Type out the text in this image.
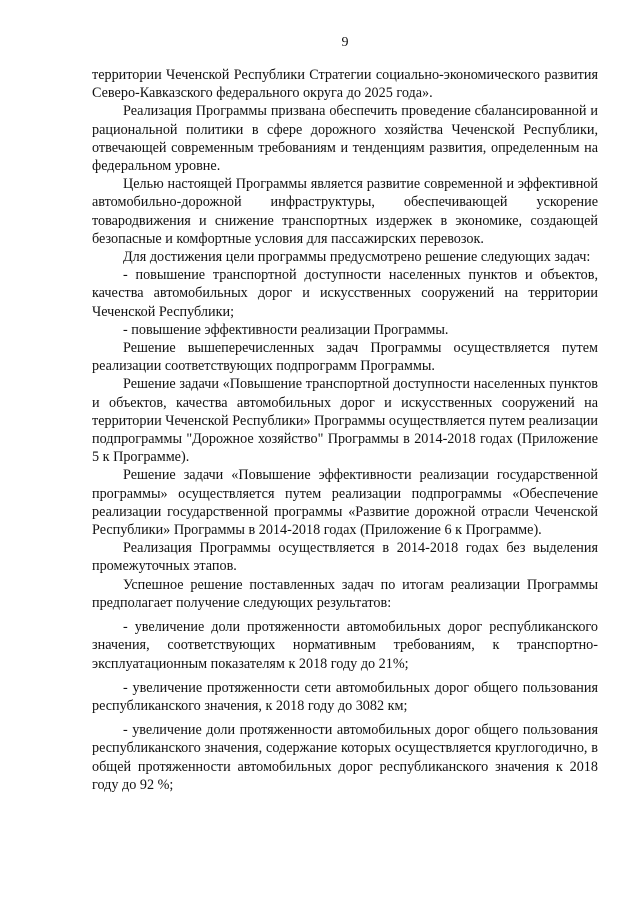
9

территории Чеченской Республики Стратегии социально-экономического развития Северо-Кавказского федерального округа до 2025 года».

Реализация Программы призвана обеспечить проведение сбалансированной и рациональной политики в сфере дорожного хозяйства Чеченской Республики, отвечающей современным требованиям и тенденциям развития, определенным на федеральном уровне.

Целью настоящей Программы является развитие современной и эффективной автомобильно-дорожной инфраструктуры, обеспечивающей ускорение товародвижения и снижение транспортных издержек в экономике, создающей безопасные и комфортные условия для пассажирских перевозок.

Для достижения цели программы предусмотрено решение следующих задач:

- повышение транспортной доступности населенных пунктов и объектов, качества автомобильных дорог и искусственных сооружений на территории Чеченской Республики;

- повышение эффективности реализации Программы.

Решение вышеперечисленных задач Программы осуществляется путем реализации соответствующих подпрограмм Программы.

Решение задачи «Повышение транспортной доступности населенных пунктов и объектов, качества автомобильных дорог и искусственных сооружений на территории Чеченской Республики» Программы осуществляется путем реализации подпрограммы "Дорожное хозяйство" Программы в 2014-2018 годах (Приложение 5 к Программе).

Решение задачи «Повышение эффективности реализации государственной программы» осуществляется путем реализации подпрограммы «Обеспечение реализации государственной программы «Развитие дорожной отрасли Чеченской Республики» Программы в 2014-2018 годах (Приложение 6 к Программе).

Реализация Программы осуществляется в 2014-2018 годах без выделения промежуточных этапов.

Успешное решение поставленных задач по итогам реализации Программы предполагает получение следующих результатов:

- увеличение доли протяженности автомобильных дорог республиканского значения, соответствующих нормативным требованиям, к транспортно-эксплуатационным показателям к 2018 году до 21%;

- увеличение протяженности сети автомобильных дорог общего пользования республиканского значения, к 2018 году до 3082 км;

- увеличение доли протяженности автомобильных дорог общего пользования республиканского значения, содержание которых осуществляется круглогодично, в общей протяженности автомобильных дорог республиканского значения к 2018 году до 92 %;
